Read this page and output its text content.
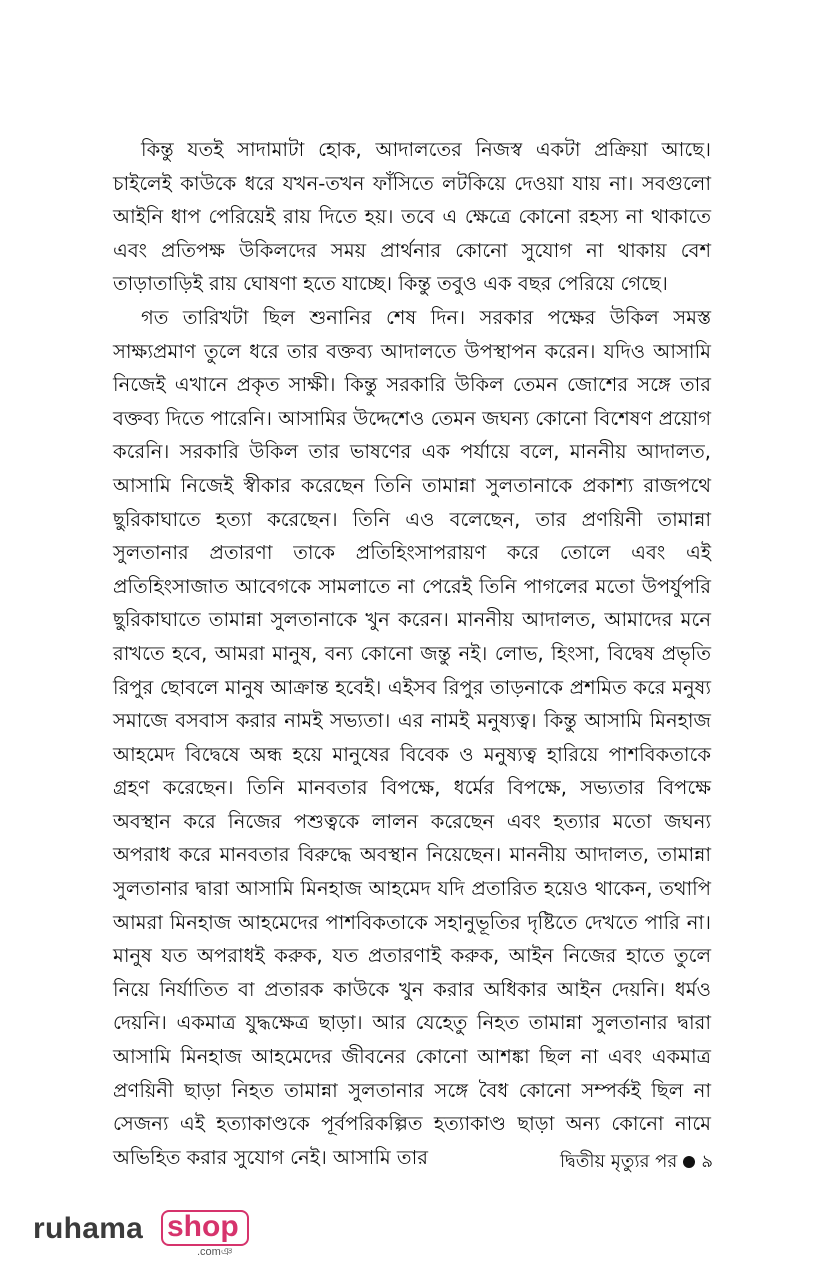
কিন্তু যতই সাদামাটা হোক, আদালতের নিজস্ব একটা প্রক্রিয়া আছে। চাইলেই কাউকে ধরে যখন-তখন ফাঁসিতে লটকিয়ে দেওয়া যায় না। সবগুলো আইনি ধাপ পেরিয়েই রায় দিতে হয়। তবে এ ক্ষেত্রে কোনো রহস্য না থাকাতে এবং প্রতিপক্ষ উকিলদের সময় প্রার্থনার কোনো সুযোগ না থাকায় বেশ তাড়াতাড়িই রায় ঘোষণা হতে যাচ্ছে। কিন্তু তবুও এক বছর পেরিয়ে গেছে।

গত তারিখটা ছিল শুনানির শেষ দিন। সরকার পক্ষের উকিল সমস্ত সাক্ষ্যপ্রমাণ তুলে ধরে তার বক্তব্য আদালতে উপস্থাপন করেন। যদিও আসামি নিজেই এখানে প্রকৃত সাক্ষী। কিন্তু সরকারি উকিল তেমন জোশের সঙ্গে তার বক্তব্য দিতে পারেনি। আসামির উদ্দেশেও তেমন জঘন্য কোনো বিশেষণ প্রয়োগ করেনি। সরকারি উকিল তার ভাষণের এক পর্যায়ে বলে, মাননীয় আদালত, আসামি নিজেই স্বীকার করেছেন তিনি তামান্না সুলতানাকে প্রকাশ্য রাজপথে ছুরিকাঘাতে হত্যা করেছেন। তিনি এও বলেছেন, তার প্রণয়িনী তামান্না সুলতানার প্রতারণা তাকে প্রতিহিংসাপরায়ণ করে তোলে এবং এই প্রতিহিংসাজাত আবেগকে সামলাতে না পেরেই তিনি পাগলের মতো উপর্যুপরি ছুরিকাঘাতে তামান্না সুলতানাকে খুন করেন। মাননীয় আদালত, আমাদের মনে রাখতে হবে, আমরা মানুষ, বন্য কোনো জন্তু নই। লোভ, হিংসা, বিদ্বেষ প্রভৃতি রিপুর ছোবলে মানুষ আক্রান্ত হবেই। এইসব রিপুর তাড়নাকে প্রশমিত করে মনুষ্য সমাজে বসবাস করার নামই সভ্যতা। এর নামই মনুষ্যত্ব। কিন্তু আসামি মিনহাজ আহমেদ বিদ্বেষে অন্ধ হয়ে মানুষের বিবেক ও মনুষ্যত্ব হারিয়ে পাশবিকতাকে গ্রহণ করেছেন। তিনি মানবতার বিপক্ষে, ধর্মের বিপক্ষে, সভ্যতার বিপক্ষে অবস্থান করে নিজের পশুত্বকে লালন করেছেন এবং হত্যার মতো জঘন্য অপরাধ করে মানবতার বিরুদ্ধে অবস্থান নিয়েছেন। মাননীয় আদালত, তামান্না সুলতানার দ্বারা আসামি মিনহাজ আহমেদ যদি প্রতারিত হয়েও থাকেন, তথাপি আমরা মিনহাজ আহমেদের পাশবিকতাকে সহানুভূতির দৃষ্টিতে দেখতে পারি না। মানুষ যত অপরাধই করুক, যত প্রতারণাই করুক, আইন নিজের হাতে তুলে নিয়ে নির্যাতিত বা প্রতারক কাউকে খুন করার অধিকার আইন দেয়নি। ধর্মও দেয়নি। একমাত্র যুদ্ধক্ষেত্র ছাড়া। আর যেহেতু নিহত তামান্না সুলতানার দ্বারা আসামি মিনহাজ আহমেদের জীবনের কোনো আশঙ্কা ছিল না এবং একমাত্র প্রণয়িনী ছাড়া নিহত তামান্না সুলতানার সঙ্গে বৈধ কোনো সম্পর্কই ছিল না সেজন্য এই হত্যাকাণ্ডকে পূর্বপরিকল্পিত হত্যাকাণ্ড ছাড়া অন্য কোনো নামে অভিহিত করার সুযোগ নেই। আসামি তার	দ্বিতীয় মৃত্যুর পর ৯
ruhama shop
.comঞ
